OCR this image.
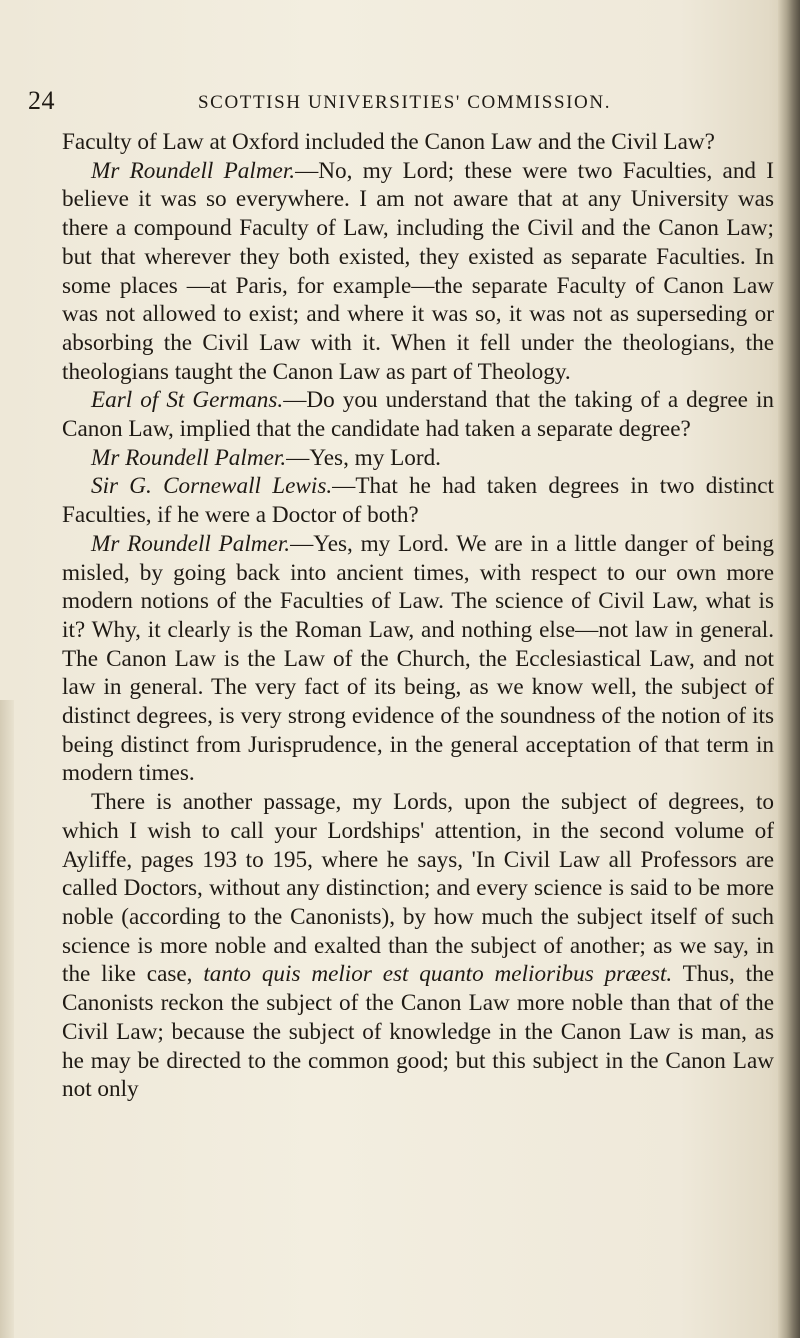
24	SCOTTISH UNIVERSITIES' COMMISSION.

Faculty of Law at Oxford included the Canon Law and the Civil Law?

Mr Roundell Palmer.—No, my Lord; these were two Faculties, and I believe it was so everywhere. I am not aware that at any University was there a compound Faculty of Law, including the Civil and the Canon Law; but that wherever they both existed, they existed as separate Faculties. In some places —at Paris, for example—the separate Faculty of Canon Law was not allowed to exist; and where it was so, it was not as superseding or absorbing the Civil Law with it. When it fell under the theologians, the theologians taught the Canon Law as part of Theology.

Earl of St Germans.—Do you understand that the taking of a degree in Canon Law, implied that the candidate had taken a separate degree?

Mr Roundell Palmer.—Yes, my Lord.

Sir G. Cornewall Lewis.—That he had taken degrees in two distinct Faculties, if he were a Doctor of both?

Mr Roundell Palmer.—Yes, my Lord. We are in a little danger of being misled, by going back into ancient times, with respect to our own more modern notions of the Faculties of Law. The science of Civil Law, what is it? Why, it clearly is the Roman Law, and nothing else—not law in general. The Canon Law is the Law of the Church, the Ecclesiastical Law, and not law in general. The very fact of its being, as we know well, the subject of distinct degrees, is very strong evidence of the soundness of the notion of its being distinct from Jurisprudence, in the general acceptation of that term in modern times.

There is another passage, my Lords, upon the subject of degrees, to which I wish to call your Lordships' attention, in the second volume of Ayliffe, pages 193 to 195, where he says, 'In Civil Law all Professors are called Doctors, without any distinction; and every science is said to be more noble (according to the Canonists), by how much the subject itself of such science is more noble and exalted than the subject of another; as we say, in the like case, tanto quis melior est quanto melioribus præest. Thus, the Canonists reckon the subject of the Canon Law more noble than that of the Civil Law; because the subject of knowledge in the Canon Law is man, as he may be directed to the common good; but this subject in the Canon Law not only
